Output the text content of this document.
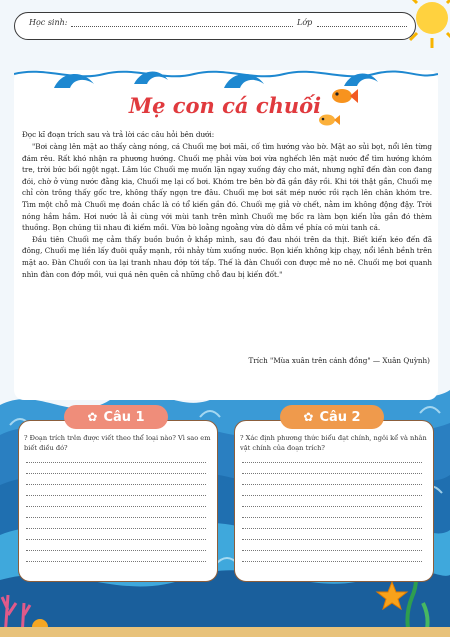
Học sinh:	Lớp
Mẹ con cá chuối
Đọc kĩ đoạn trích sau và trả lời các câu hỏi bên dưới:

"Bơi càng lên mặt ao thấy càng nóng, cá Chuối mẹ bơi mãi, cố tìm hướng vào bờ. Mặt ao sủi bọt, nổi lên từng đám rêu. Rất khó nhận ra phương hướng. Chuối mẹ phải vừa bơi vừa nghếch lên mặt nước để tìm hướng khóm tre, trời bức bối ngột ngạt. Lâm lúc Chuối mẹ muốn lặn ngay xuống đáy cho mát, nhưng nghĩ đến đàn con đang đói, chờ ở vùng nước đằng kia, Chuối mẹ lại cố bơi. Khóm tre bên bờ đã gần đây rồi. Khi tới thật gần, Chuối mẹ chỉ còn trông thấy gốc tre, không thấy ngọn tre đâu. Chuối mẹ bơi sát mép nước rồi rạch lên chân khóm tre. Tìm một chỗ mà Chuối mẹ đoán chắc là có tổ kiến gần đó. Chuối mẹ giả vờ chết, nằm im không động đậy. Trời nóng hầm hầm. Hơi nước lả ải cùng với mùi tanh trên mình Chuối mẹ bốc ra làm bọn kiến lửa gần đó thèm thuồng. Bọn chúng tìi nhau đi kiếm mồi. Vừa bò loằng ngoằng vừa dò dẫm về phía có mùi tanh cá.

Đầu tiên Chuối mẹ cảm thấy buồn buồn ở khắp mình, sau đó đau nhói trên da thịt. Biết kiến kéo đến đã đông, Chuối mẹ liền lấy đuôi quẫy mạnh, rồi nhảy tùm xuống nước. Bọn kiến không kịp chạy, nổi lềnh bềnh trên mặt ao. Đàn Chuối con ùa lại tranh nhau đớp tới tấp. Thế là đàn Chuối con được mẻ no nê. Chuối mẹ bơi quanh nhìn đàn con đớp mồi, vui quá nên quên cả những chỗ đau bị kiến đốt."

Trích "Mùa xuân trên cánh đồng" — Xuân Quỳnh)
✿ Câu 1	✿ Câu 2
? Đoạn trích trên được viết theo thể loại nào? Vì sao em biết điều đó?
? Xác định phương thức biểu đạt chính, ngôi kể và nhân vật chính của đoạn trích?
